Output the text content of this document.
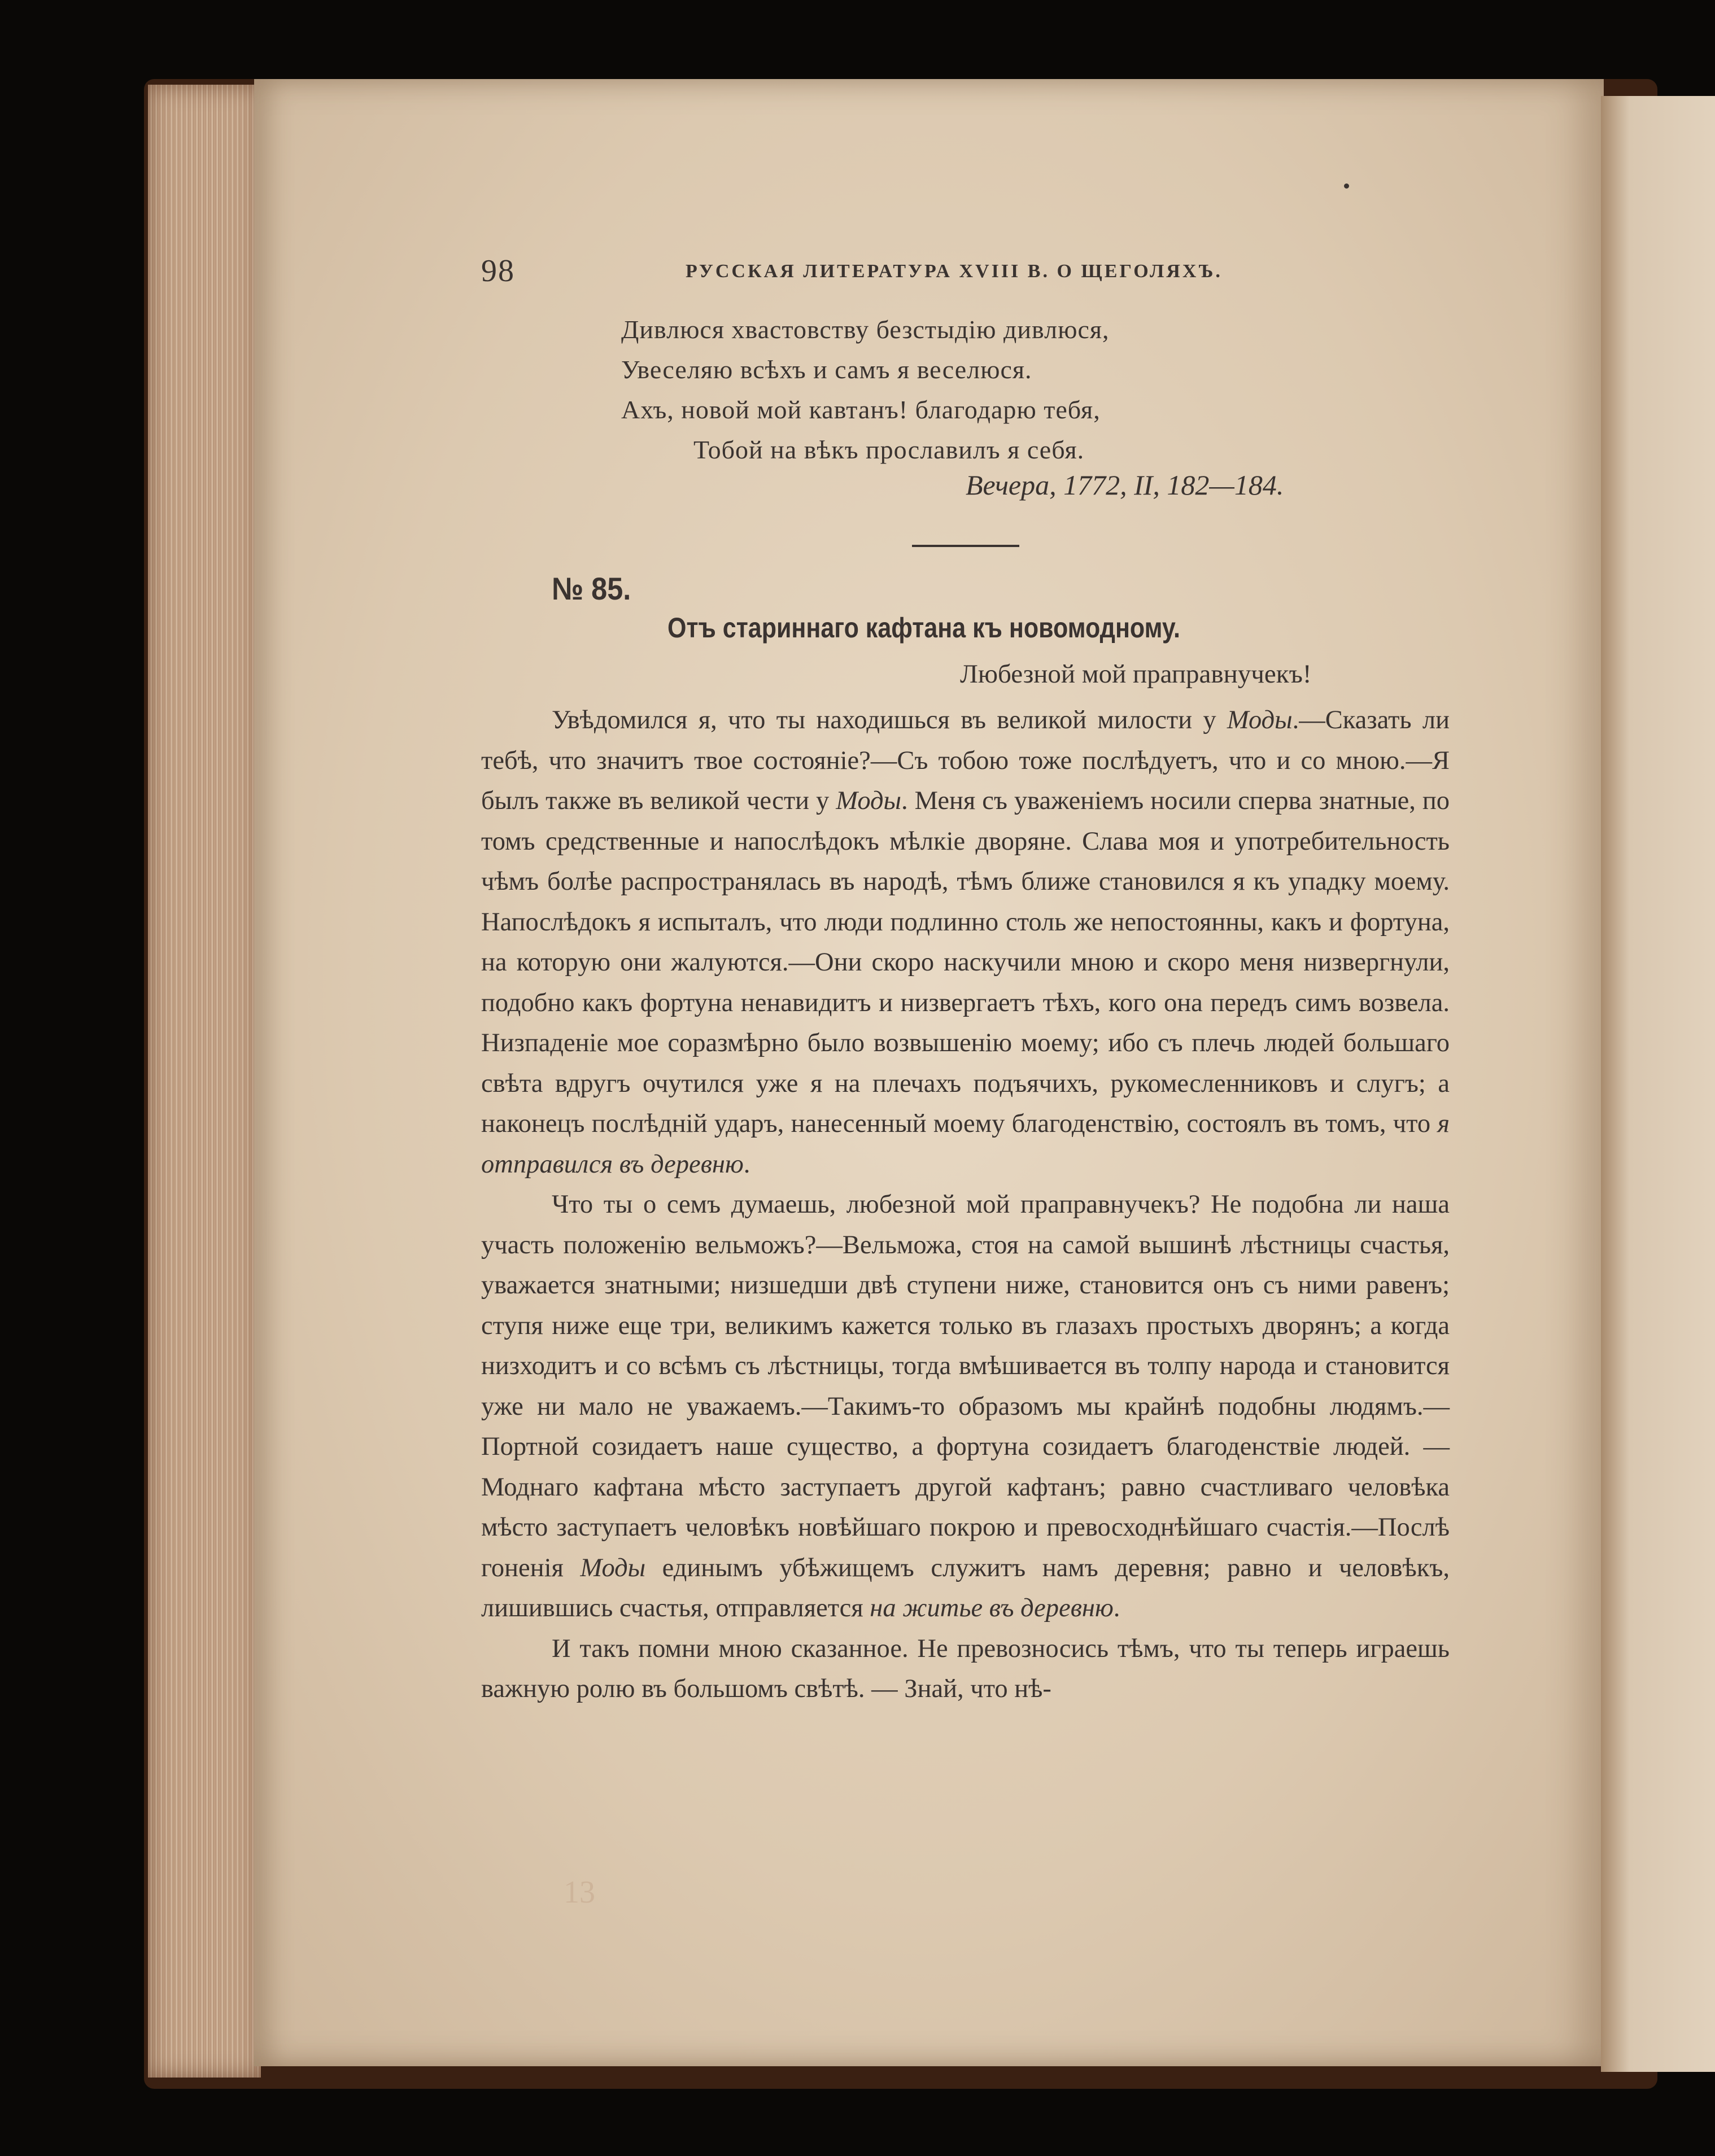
98	РУССКАЯ ЛИТЕРАТУРА XVIII В. О ЩЕГОЛЯХЪ.
Дивлюся хвастовству безстыдiю дивлюся,
Увеселяю всѣхъ и самъ я веселюся.
Ахъ, новой мой кавтанъ! благодарю тебя,
Тобой на вѣкъ прославилъ я себя.
Вечера, 1772, II, 182—184.
№ 85.
Отъ стариннаго кафтана къ новомодному.
Любезной мой праправнучекъ!

Увѣдомился я, что ты находишься въ великой милости у Моды.—Сказать ли тебѣ, что значитъ твое состоянiе?—Съ тобою тоже послѣдуетъ, что и со мною.—Я былъ также въ великой чести у Моды. Меня съ уваженiемъ носили сперва знатные, по томъ средственные и напослѣдокъ мѣлкiе дворяне. Слава моя и употребительность чѣмъ болѣе распространялась въ народѣ, тѣмъ ближе становился я къ упадку моему. Напослѣдокъ я испыталъ, что люди подлинно столь же непостоянны, какъ и фортуна, на которую они жалуются.—Они скоро наскучили мною и скоро меня низвергнули, подобно какъ фортуна ненавидитъ и низвергаетъ тѣхъ, кого она передъ симъ возвела. Низпаденiе мое соразмѣрно было возвышенiю моему; ибо съ плечь людей большаго свѣта вдругъ очутился уже я на плечахъ подъячихъ, рукомесленниковъ и слугъ; а наконецъ послѣднiй ударъ, нанесенный моему благоденствiю, состоялъ въ томъ, что я отправился въ деревню.

Что ты о семъ думаешь, любезной мой праправнучекъ? Не подобна ли наша участь положенiю вельможъ?—Вельможа, стоя на самой вышинѣ лѣстницы счастья, уважается знатными; низшедши двѣ ступени ниже, становится онъ съ ними равенъ; ступя ниже еще три, великимъ кажется только въ глазахъ простыхъ дворянъ; а когда низходитъ и со всѣмъ съ лѣстницы, тогда вмѣшивается въ толпу народа и становится уже ни мало не уважаемъ.—Такимъ-то образомъ мы крайнѣ подобны людямъ.—Портной созидаетъ наше существо, а фортуна созидаетъ благоденствiе людей. — Моднаго кафтана мѣсто заступаетъ другой кафтанъ; равно счастливаго человѣка мѣсто заступаетъ человѣкъ новѣйшаго покрою и превосходнѣйшаго счастiя.—Послѣ гоненiя Моды единымъ убѣжищемъ служитъ намъ деревня; равно и человѣкъ, лишившись счастья, отправляется на житье въ деревню.

И такъ помни мною сказанное. Не превозносись тѣмъ, что ты теперь играешь важную ролю въ большомъ свѣтѣ. — Знай, что нѣ-

13
